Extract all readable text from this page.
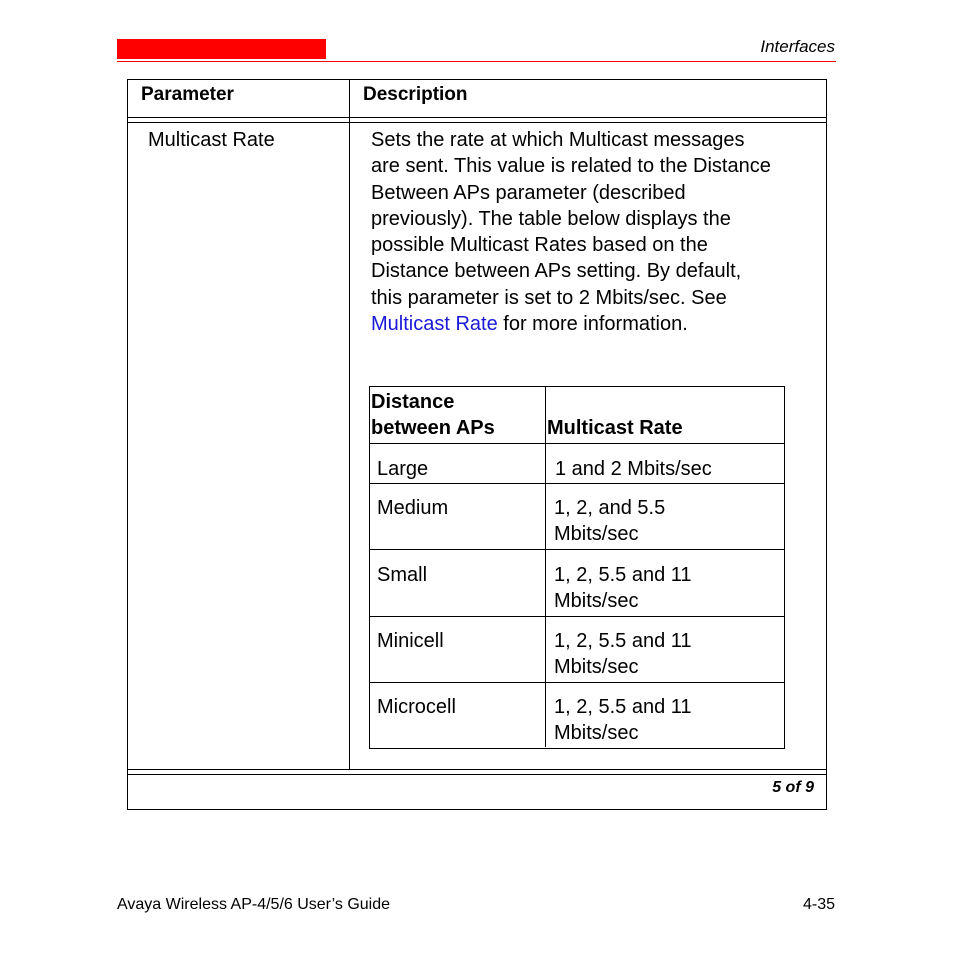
Interfaces
Parameter	Description
Multicast Rate	Sets the rate at which Multicast messages
are sent. This value is related to the Distance
Between APs parameter (described
previously). The table below displays the
possible Multicast Rates based on the
Distance between APs setting. By default,
this parameter is set to 2 Mbits/sec. See
Multicast Rate for more information.
Distance
between APs	Multicast Rate
Large	1 and 2 Mbits/sec
Medium	1, 2, and 5.5
Mbits/sec
Small	1, 2, 5.5 and 11
Mbits/sec
Minicell	1, 2, 5.5 and 11
Mbits/sec
Microcell	1, 2, 5.5 and 11
Mbits/sec
5 of 9
Avaya Wireless AP-4/5/6 User’s Guide	4-35
